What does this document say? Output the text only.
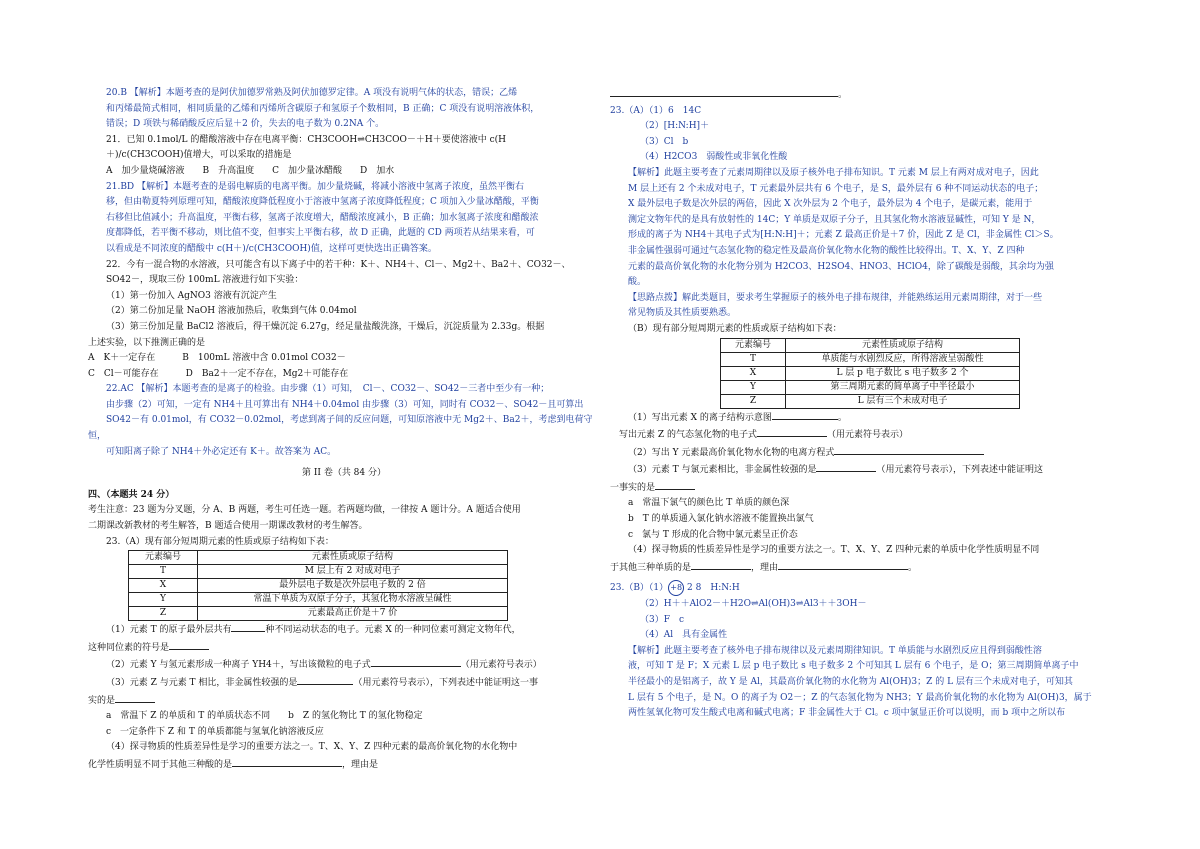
20.B 【解析】本题考查的是阿伏加德罗常熟及阿伏加德罗定律。A 项没有说明气体的状态，错误；乙烯

和丙烯最简式相同，相同质量的乙烯和丙烯所含碳原子和氢原子个数相同，B 正确；C 项没有说明溶液体积，

错误；D 项铁与稀硝酸反应后显＋2 价，失去的电子数为 0.2NA 个。

21．已知 0.1mol/L 的醋酸溶液中存在电离平衡：CH3COOH⇌CH3COO－＋H＋要使溶液中 c(H

＋)/c(CH3COOH)值增大，可以采取的措施是

A　加少量烧碱溶液　　B　升高温度　　C　加少量冰醋酸　　D　加水

21.BD 【解析】本题考查的是弱电解质的电离平衡。加少量烧碱，将减小溶液中氢离子浓度，虽然平衡右

移，但由勒夏特列原理可知，醋酸浓度降低程度小于溶液中氢离子浓度降低程度；C 项加入少量冰醋酸，平衡

右移但比值减小；升高温度，平衡右移，氢离子浓度增大，醋酸浓度减小，B 正确；加水氢离子浓度和醋酸浓

度都降低，若平衡不移动，则比值不变，但事实上平衡右移，故 D 正确，此题的 CD 两项若从结果来看，可

以看成是不同浓度的醋酸中 c(H＋)/c(CH3COOH)值，这样可更快选出正确答案。

22．今有一混合物的水溶液，只可能含有以下离子中的若干种：K＋、NH4＋、Cl－、Mg2＋、Ba2＋、CO32－、

SO42－，现取三份 100mL 溶液进行如下实验：

（1）第一份加入 AgNO3 溶液有沉淀产生

（2）第二份加足量 NaOH 溶液加热后，收集到气体 0.04mol

（3）第三份加足量 BaCl2 溶液后，得干燥沉淀 6.27g，经足量盐酸洗涤，干燥后，沉淀质量为 2.33g。根据

上述实验，以下推测正确的是

A　K＋一定存在　　　B　100mL 溶液中含 0.01mol CO32－

C　Cl－可能存在　　　D　Ba2＋一定不存在，Mg2＋可能存在

22.AC 【解析】本题考查的是离子的检验。由步骤（1）可知，　Cl－、CO32－、SO42－三者中至少有一种；

由步骤（2）可知，一定有 NH4＋且可算出有 NH4＋0.04mol 由步骤（3）可知，同时有 CO32－、SO42－且可算出

SO42－有 0.01mol，有 CO32－0.02mol，考虑到离子间的反应问题，可知原溶液中无 Mg2＋、Ba2＋，考虑到电荷守恒，

可知阳离子除了 NH4＋外必定还有 K＋。故答案为 AC。

第 II 卷（共 84 分）

四、（本题共 24 分）

考生注意：23 题为分叉题，分 A、B 两题，考生可任选一题。若两题均做，一律按 A 题计分。A 题适合使用

二期课改新教材的考生解答，B 题适合使用一期课改教材的考生解答。

23.（A）现有部分短周期元素的性质或原子结构如下表：

元素编号	元素性质或原子结构
T	M 层上有 2 对成对电子
X	最外层电子数是次外层电子数的 2 倍
Y	常温下单质为双原子分子，其氢化物水溶液呈碱性
Z	元素最高正价是＋7 价

（1）元素 T 的原子最外层共有	种不同运动状态的电子。元素 X 的一种同位素可测定文物年代，

这种同位素的符号是

（2）元素 Y 与氢元素形成一种离子 YH4＋，写出该微粒的电子式	（用元素符号表示）

（3）元素 Z 与元素 T 相比，非金属性较强的是	（用元素符号表示），下列表述中能证明这一事

实的是

a　常温下 Z 的单质和 T 的单质状态不同　　b　Z 的氢化物比 T 的氢化物稳定

c　一定条件下 Z 和 T 的单质都能与氢氧化钠溶液反应

（4）探寻物质的性质差异性是学习的重要方法之一。T、X、Y、Z 四种元素的最高价氧化物的水化物中

化学性质明显不同于其他三种酸的是	，理由是

。

23.（A）（1）6　14C

（2）[H:N:H]＋

（3）Cl　b

（4）H2CO3　弱酸性或非氧化性酸

【解析】此题主要考查了元素周期律以及原子核外电子排布知识。T 元素 M 层上有两对成对电子，因此

M 层上还有 2 个未成对电子，T 元素最外层共有 6 个电子，是 S，最外层有 6 种不同运动状态的电子；

X 最外层电子数是次外层的两倍，因此 X 次外层为 2 个电子，最外层为 4 个电子，是碳元素，能用于

测定文物年代的是具有放射性的 14C；Y 单质是双原子分子，且其氢化物水溶液显碱性，可知 Y 是 N，

形成的离子为 NH4＋其电子式为[H:N:H]＋；元素 Z 最高正价是＋7 价，因此 Z 是 Cl，非金属性 Cl＞S。

非金属性强弱可通过气态氢化物的稳定性及最高价氧化物水化物的酸性比较得出。T、X、Y、Z 四种

元素的最高价氧化物的水化物分别为 H2CO3、H2SO4、HNO3、HClO4，除了碳酸是弱酸，其余均为强

酸。

【思路点拨】解此类题目，要求考生掌握原子的核外电子排布规律，并能熟练运用元素周期律，对于一些

常见物质及其性质要熟悉。

（B）现有部分短周期元素的性质或原子结构如下表：

元素编号	元素性质或原子结构
T	单质能与水剧烈反应，所得溶液呈弱酸性
X	L 层 p 电子数比 s 电子数多 2 个
Y	第三周期元素的简单离子中半径最小
Z	L 层有三个未成对电子

（1）写出元素 X 的离子结构示意图	。

写出元素 Z 的气态氢化物的电子式	（用元素符号表示）

（2）写出 Y 元素最高价氧化物水化物的电离方程式

（3）元素 T 与氯元素相比，非金属性较强的是	（用元素符号表示），下列表述中能证明这

一事实的是

a　常温下氯气的颜色比 T 单质的颜色深

b　T 的单质通入氯化钠水溶液不能置换出氯气

c　氯与 T 形成的化合物中氯元素呈正价态

（4）探寻物质的性质差异性是学习的重要方法之一。T、X、Y、Z 四种元素的单质中化学性质明显不同

于其他三种单质的是	，理由	。

23.（B）（1） +8 2 8　 H:N:H

（2）H＋＋AlO2－＋H2O⇌Al(OH)3⇌Al3＋＋3OH－

（3）F　c

（4）Al　具有金属性

【解析】此题主要考查了核外电子排布规律以及元素周期律知识。T 单质能与水剧烈反应且得到弱酸性溶

液，可知 T 是 F；X 元素 L 层 p 电子数比 s 电子数多 2 个可知其 L 层有 6 个电子，是 O；第三周期简单离子中

半径最小的是铝离子，故 Y 是 Al，其最高价氧化物的水化物为 Al(OH)3；Z 的 L 层有三个未成对电子，可知其

L 层有 5 个电子，是 N。O 的离子为 O2－；Z 的气态氢化物为 NH3；Y 最高价氧化物的水化物为 Al(OH)3，属于

两性氢氧化物可发生酸式电离和碱式电离；F 非金属性大于 Cl。c 项中氯显正价可以说明，而 b 项中之所以布
